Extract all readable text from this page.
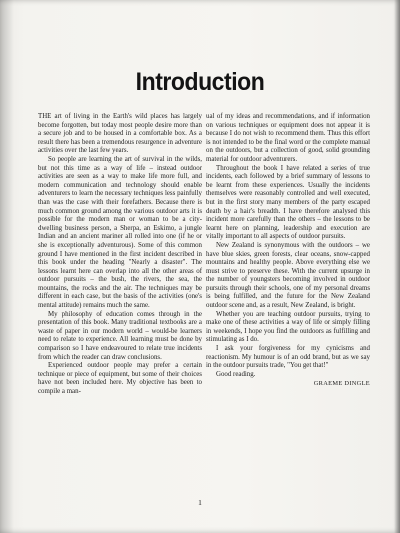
Introduction

THE art of living in the Earth's wild places has largely become forgotten, but today most people desire more than a secure job and to be housed in a comfortable box. As a result there has been a tremendous resurgence in adventure activities over the last few years.

So people are learning the art of survival in the wilds, but not this time as a way of life – instead outdoor activities are seen as a way to make life more full, and modern communication and technology should enable adventurers to learn the necessary techniques less painfully than was the case with their forefathers. Because there is much common ground among the various outdoor arts it is possible for the modern man or woman to be a city-dwelling business person, a Sherpa, an Eskimo, a jungle Indian and an ancient mariner all rolled into one (if he or she is exceptionally adventurous). Some of this common ground I have mentioned in the first incident described in this book under the heading "Nearly a disaster". The lessons learnt here can overlap into all the other areas of outdoor pursuits – the bush, the rivers, the sea, the mountains, the rocks and the air. The techniques may be different in each case, but the basis of the activities (one's mental attitude) remains much the same.

My philosophy of education comes through in the presentation of this book. Many traditional textbooks are a waste of paper in our modern world – would-be learners need to relate to experience. All learning must be done by comparison so I have endeavoured to relate true incidents from which the reader can draw conclusions.

Experienced outdoor people may prefer a certain technique or piece of equipment, but some of their choices have not been included here. My objective has been to compile a man-

ual of my ideas and recommendations, and if information on various techniques or equipment does not appear it is because I do not wish to recommend them. Thus this effort is not intended to be the final word or the complete manual on the outdoors, but a collection of good, solid grounding material for outdoor adventurers.

Throughout the book I have related a series of true incidents, each followed by a brief summary of lessons to be learnt from these experiences. Usually the incidents themselves were reasonably controlled and well executed, but in the first story many members of the party escaped death by a hair's breadth. I have therefore analysed this incident more carefully than the others – the lessons to be learnt here on planning, leadership and execution are vitally important to all aspects of outdoor pursuits.

New Zealand is synonymous with the outdoors – we have blue skies, green forests, clear oceans, snow-capped mountains and healthy people. Above everything else we must strive to preserve these. With the current upsurge in the number of youngsters becoming involved in outdoor pursuits through their schools, one of my personal dreams is being fulfilled, and the future for the New Zealand outdoor scene and, as a result, New Zealand, is bright.

Whether you are teaching outdoor pursuits, trying to make one of these activities a way of life or simply filling in weekends, I hope you find the outdoors as fulfilling and stimulating as I do.

I ask your forgiveness for my cynicisms and reactionism. My humour is of an odd brand, but as we say in the outdoor pursuits trade, "You get that!"

Good reading.

GRAEME DINGLE
1
